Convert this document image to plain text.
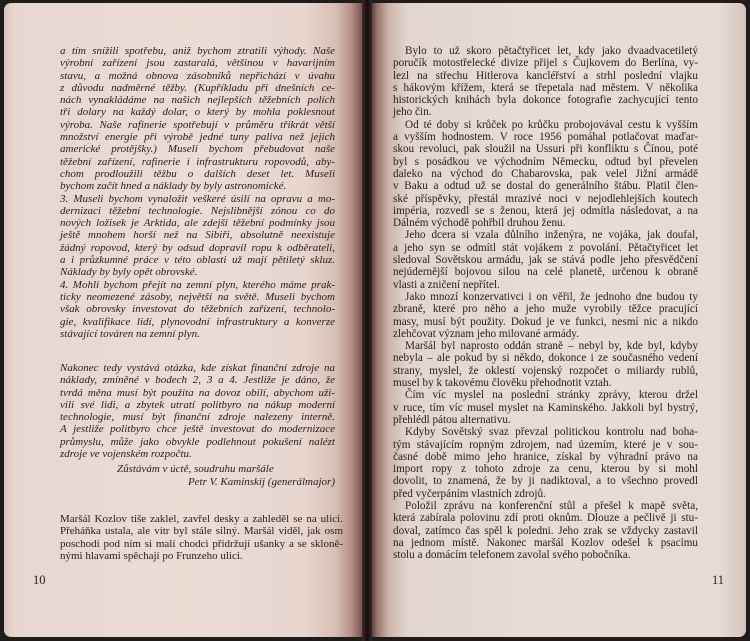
a tím snížili spotřebu, aniž bychom ztratili výhody. Naše
výrobní zařízení jsou zastaralá, většinou v havarijním
stavu, a možná obnova zásobníků nepřichází v úvahu
z důvodu nadměrné těžby. (Kupříkladu při dnešních ce-
nách vynakládáme na našich nejlepších těžebních polích
tři dolary na každý dolar, o který by mohla poklesnout
výroba. Naše rafinerie spotřebují v průměru třikrát větší
množství energie při výrobě jedné tuny paliva než jejich
americké protějšky.) Museli bychom přebudovat naše
těžební zařízení, rafinerie i infrastrukturu ropovodů, aby-
chom prodloužili těžbu o dalších deset let. Museli
bychom začít hned a náklady by byly astronomické.
3. Museli bychom vynaložit veškeré úsilí na opravu a mo-
dernizaci těžební technologie. Nejslibnější zónou co do
nových ložisek je Arktida, ale zdejší těžební podmínky jsou
ještě mnohem horší než na Sibiři, absolutně neexistuje
žádný ropovod, který by odsud dopravil ropu k odběrateli,
a i průzkumné práce v této oblasti už mají pětiletý skluz.
Náklady by byly opět obrovské.
4. Mohli bychom přejít na zemní plyn, kterého máme prak-
ticky neomezené zásoby, největší na světě. Museli bychom
však obrovsky investovat do těžebních zařízení, technolo-
gie, kvalifikace lidí, plynovodní infrastruktury a konverze
stávající továren na zemní plyn.
Nakonec tedy vystává otázka, kde získat finanční zdroje na
náklady, zmíněné v bodech 2, 3 a 4. Jestliže je dáno, že
tvrdá měna musí být použita na dovoz obilí, abychom uži-
vili své lidi, a zbytek utratí politbyro na nákup moderní
technologie, musí být finanční zdroje nalezeny interně.
A jestliže politbyro chce ještě investovat do modernizace
průmyslu, může jako obvykle podlehnout pokušení nalézt
zdroje ve vojenském rozpočtu.
Zůstávám v úctě, soudruhu maršále
Petr V. Kaminskij (generálmajor)
Maršál Kozlov tiše zaklel, zavřel desky a zahleděl se na ulici.
Přeháňka ustala, ale vítr byl stále silný. Maršál viděl, jak osm
poschodí pod ním si malí chodci přidržují ušanky a se skloně-
nými hlavami spěchají po Frunzeho ulici.
10
Bylo to už skoro pětačtyřicet let, kdy jako dvaadvacetiletý
poručík motostřelecké divize přijel s Čujkovem do Berlína, vy-
lezl na střechu Hitlerova kancléřství a strhl poslední vlajku
s hákovým křížem, která se třepetala nad městem. V několika
historických knihách byla dokonce fotografie zachycující tento
jeho čin.
Od té doby si krůček po krůčku probojovával cestu k vyšším
a vyšším hodnostem. V roce 1956 pomáhal potlačovat maďar-
skou revoluci, pak sloužil na Ussuri při konfliktu s Čínou, poté
byl s posádkou ve východním Německu, odtud byl převelen
daleko na východ do Chabarovska, pak velel Jižní armádě
v Baku a odtud už se dostal do generálního štábu. Platil člen-
ské příspěvky, přestál mrazivé noci v nejodlehlejších koutech
impéria, rozvedl se s ženou, která jej odmítla následovat, a na
Dálném východě pohřbil druhou ženu.
Jeho dcera si vzala důlního inženýra, ne vojáka, jak doufal,
a jeho syn se odmítl stát vojákem z povolání. Pětačtyřicet let
sledoval Sovětskou armádu, jak se stává podle jeho přesvědčení
nejúdernější bojovou silou na celé planetě, určenou k obraně
vlasti a zničení nepřítel.
Jako mnozí konzervativci i on věřil, že jednoho dne budou ty
zbraně, které pro něho a jeho muže vyrobily těžce pracující
masy, musí být použity. Dokud je ve funkci, nesmí nic a nikdo
zlehčovat význam jeho milované armády.
Maršál byl naprosto oddán straně – nebyl by, kde byl, kdyby
nebyla – ale pokud by si někdo, dokonce i ze současného vedení
strany, myslel, že oklestí vojenský rozpočet o miliardy rublů,
musel by k takovému člověku přehodnotit vztah.
Čím víc myslel na poslední stránky zprávy, kterou držel
v ruce, tím víc musel myslet na Kaminského. Jakkoli byl bystrý,
přehlédl pátou alternativu.
Kdyby Sovětský svaz převzal politickou kontrolu nad boha-
tým stávajícím ropným zdrojem, nad územím, které je v sou-
časné době mimo jeho hranice, získal by výhradní právo na
import ropy z tohoto zdroje za cenu, kterou by si mohl
dovolit, to znamená, že by ji nadiktoval, a to všechno provedl
před vyčerpáním vlastních zdrojů.
Položil zprávu na konferenční stůl a přešel k mapě světa,
která zabírala polovinu zdí proti oknům. Dlouze a pečlivě ji stu-
doval, zatímco čas spěl k poledni. Jeho zrak se vždycky zastavil
na jednom místě. Nakonec maršál Kozlov odešel k psacímu
stolu a domácím telefonem zavolal svého pobočníka.
11
